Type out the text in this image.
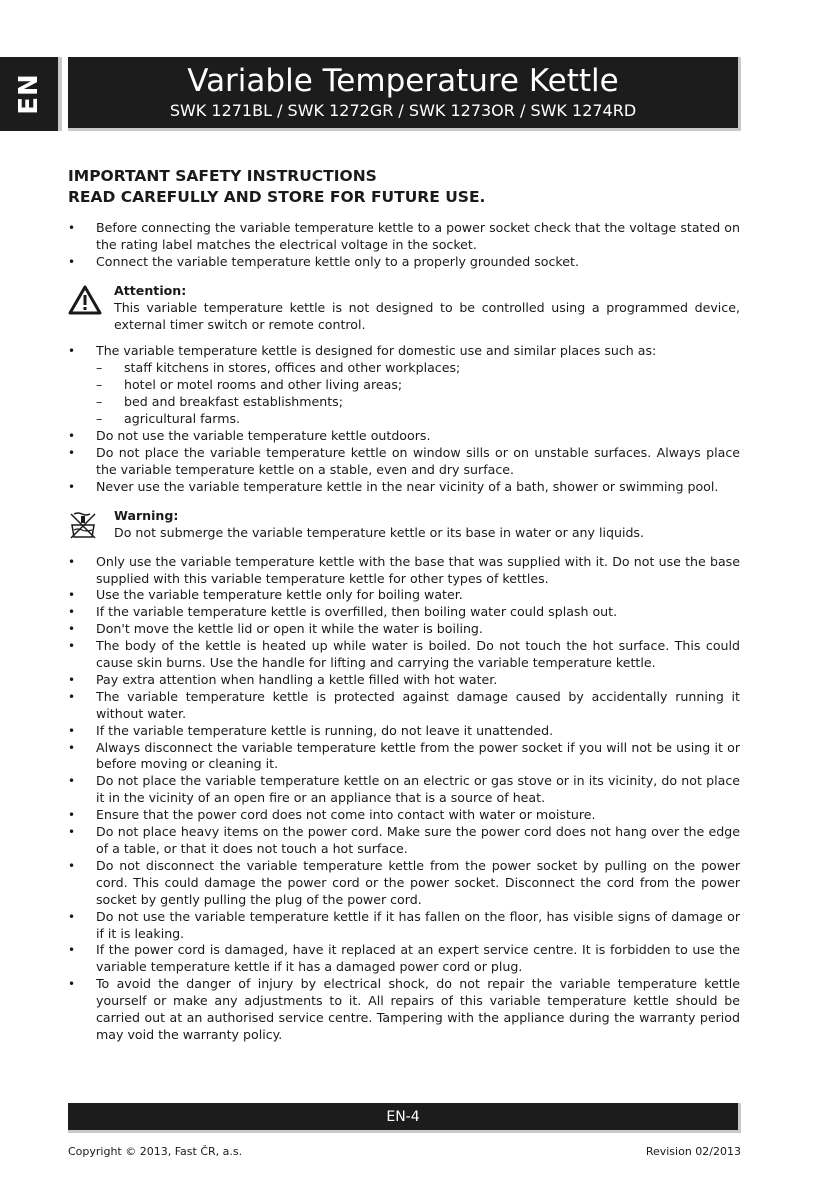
EN	Variable Temperature Kettle
SWK 1271BL / SWK 1272GR / SWK 1273OR / SWK 1274RD
IMPORTANT SAFETY INSTRUCTIONS
READ CAREFULLY AND STORE FOR FUTURE USE.
•	Before connecting the variable temperature kettle to a power socket check that the voltage stated on the rating label matches the electrical voltage in the socket.
•	Connect the variable temperature kettle only to a properly grounded socket.
Attention:
This variable temperature kettle is not designed to be controlled using a programmed device, external timer switch or remote control.
•	The variable temperature kettle is designed for domestic use and similar places such as:
–	staff kitchens in stores, offices and other workplaces;
–	hotel or motel rooms and other living areas;
–	bed and breakfast establishments;
–	agricultural farms.
•	Do not use the variable temperature kettle outdoors.
•	Do not place the variable temperature kettle on window sills or on unstable surfaces. Always place the variable temperature kettle on a stable, even and dry surface.
•	Never use the variable temperature kettle in the near vicinity of a bath, shower or swimming pool.
Warning:
Do not submerge the variable temperature kettle or its base in water or any liquids.
•	Only use the variable temperature kettle with the base that was supplied with it. Do not use the base supplied with this variable temperature kettle for other types of kettles.
•	Use the variable temperature kettle only for boiling water.
•	If the variable temperature kettle is overfilled, then boiling water could splash out.
•	Don't move the kettle lid or open it while the water is boiling.
•	The body of the kettle is heated up while water is boiled. Do not touch the hot surface. This could cause skin burns. Use the handle for lifting and carrying the variable temperature kettle.
•	Pay extra attention when handling a kettle filled with hot water.
•	The variable temperature kettle is protected against damage caused by accidentally running it without water.
•	If the variable temperature kettle is running, do not leave it unattended.
•	Always disconnect the variable temperature kettle from the power socket if you will not be using it or before moving or cleaning it.
•	Do not place the variable temperature kettle on an electric or gas stove or in its vicinity, do not place it in the vicinity of an open fire or an appliance that is a source of heat.
•	Ensure that the power cord does not come into contact with water or moisture.
•	Do not place heavy items on the power cord. Make sure the power cord does not hang over the edge of a table, or that it does not touch a hot surface.
•	Do not disconnect the variable temperature kettle from the power socket by pulling on the power cord. This could damage the power cord or the power socket. Disconnect the cord from the power socket by gently pulling the plug of the power cord.
•	Do not use the variable temperature kettle if it has fallen on the floor, has visible signs of damage or if it is leaking.
•	If the power cord is damaged, have it replaced at an expert service centre. It is forbidden to use the variable temperature kettle if it has a damaged power cord or plug.
•	To avoid the danger of injury by electrical shock, do not repair the variable temperature kettle yourself or make any adjustments to it. All repairs of this variable temperature kettle should be carried out at an authorised service centre. Tampering with the appliance during the warranty period may void the warranty policy.
EN-4
Copyright © 2013, Fast ČR, a.s.	Revision 02/2013
